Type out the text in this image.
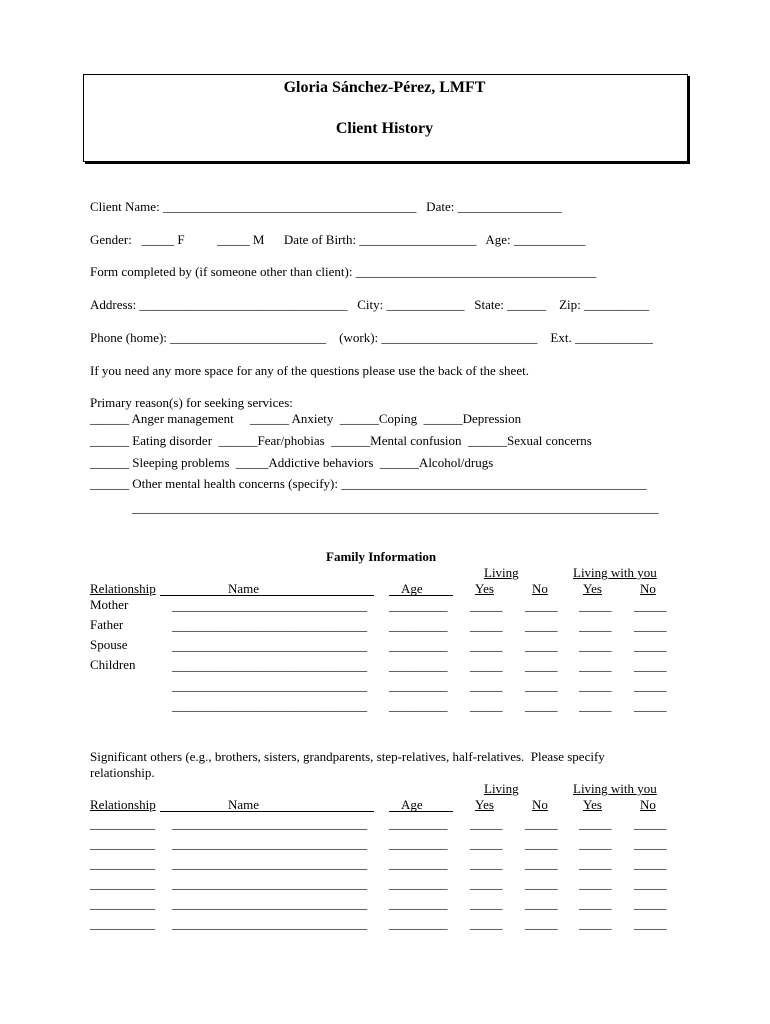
Gloria Sánchez-Pérez, LMFT
Client History
Client Name: _______________________________________   Date: ________________
Gender:   _____ F          _____ M      Date of Birth: __________________   Age: ___________
Form completed by (if someone other than client): _____________________________________
Address: ________________________________   City: ____________   State: ______    Zip: __________
Phone (home): ________________________    (work): ________________________    Ext. ____________
If you need any more space for any of the questions please use the back of the sheet.
Primary reason(s) for seeking services:
______ Anger management     ______ Anxiety  ______Coping  ______Depression
______ Eating disorder  ______Fear/phobias  ______Mental confusion  ______Sexual concerns
______ Sleeping problems  _____Addictive behaviors  ______Alcohol/drugs
______ Other mental health concerns (specify): _______________________________________________
_________________________________________________________________________________
Family Information
Living	Living with you
Relationship	Name	Age	Yes	No	Yes	No
Mother	______________________________ _________ _____ _____ _____ _____
Father	______________________________ _________ _____ _____ _____ _____
Spouse	______________________________ _________ _____ _____ _____ _____
Children	______________________________ _________ _____ _____ _____ _____
______________________________ _________ _____ _____ _____ _____
______________________________ _________ _____ _____ _____ _____
Significant others (e.g., brothers, sisters, grandparents, step-relatives, half-relatives.  Please specify
relationship.
Living	Living with you
Relationship	Name	Age	Yes	No	Yes	No
__________ ______________________________ _________ _____ _____ _____ _____
__________ ______________________________ _________ _____ _____ _____ _____
__________ ______________________________ _________ _____ _____ _____ _____
__________ ______________________________ _________ _____ _____ _____ _____
__________ ______________________________ _________ _____ _____ _____ _____
__________ ______________________________ _________ _____ _____ _____ _____
